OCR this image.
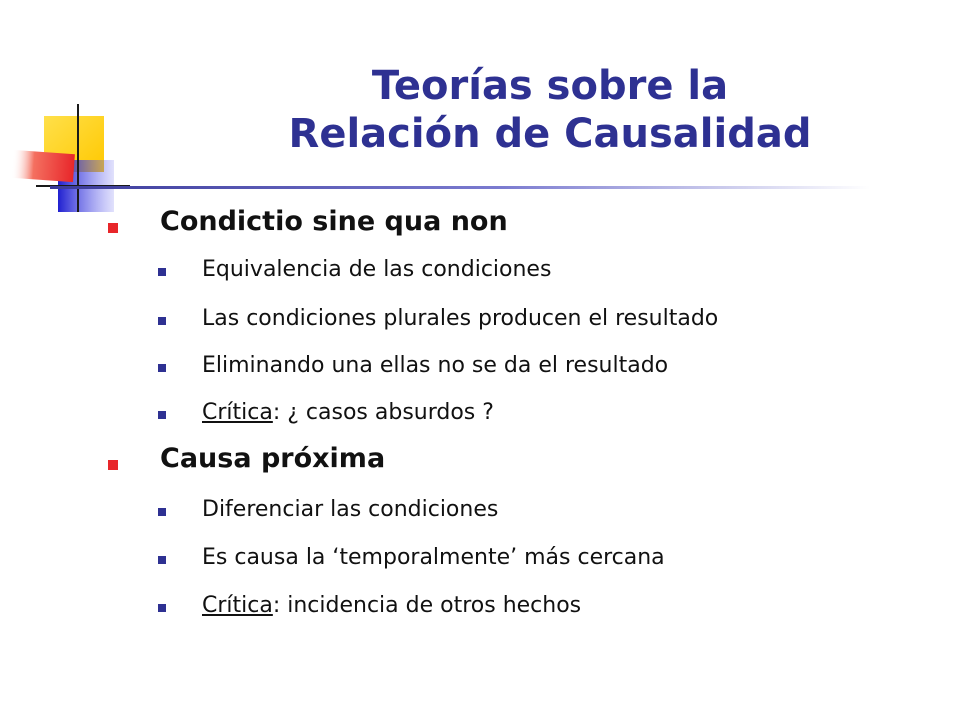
Teorías sobre la
Relación de Causalidad
Condictio sine qua non
Equivalencia de las condiciones
Las condiciones plurales producen el resultado
Eliminando una ellas no se da el resultado
Crítica: ¿ casos absurdos ?
Causa próxima
Diferenciar las condiciones
Es causa la ‘temporalmente’ más cercana
Crítica: incidencia de otros hechos
